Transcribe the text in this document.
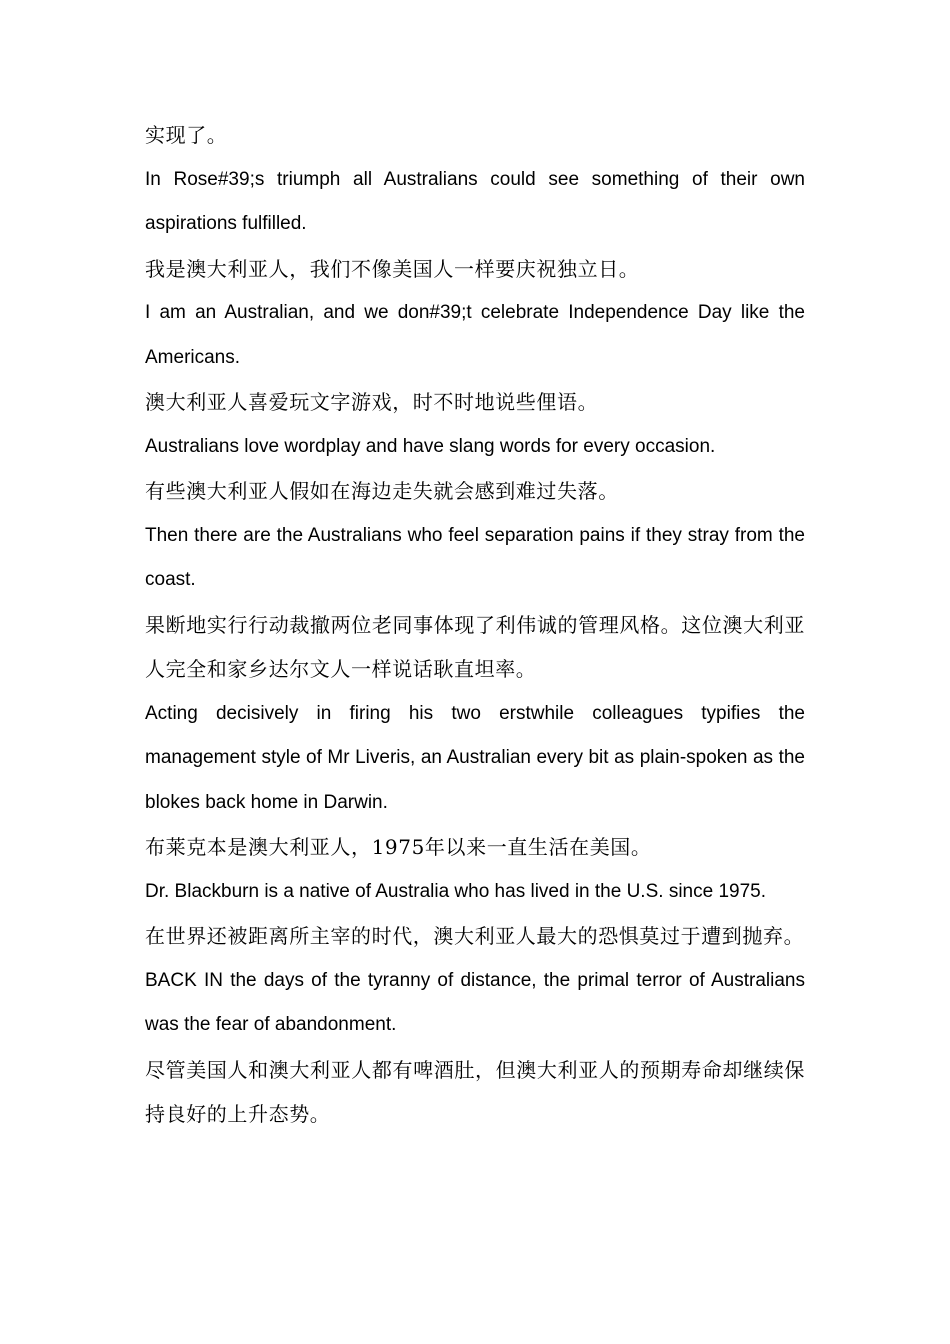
实现了。

In Rose#39;s triumph all Australians could see something of their own aspirations fulfilled.

我是澳大利亚人，我们不像美国人一样要庆祝独立日。

I am an Australian, and we don#39;t celebrate Independence Day like the Americans.

澳大利亚人喜爱玩文字游戏，时不时地说些俚语。

Australians love wordplay and have slang words for every occasion.

有些澳大利亚人假如在海边走失就会感到难过失落。

Then there are the Australians who feel separation pains if they stray from the coast.

果断地实行行动裁撤两位老同事体现了利伟诚的管理风格。这位澳大利亚人完全和家乡达尔文人一样说话耿直坦率。

Acting decisively in firing his two erstwhile colleagues typifies the management style of Mr Liveris, an Australian every bit as plain-spoken as the blokes back home in Darwin.

布莱克本是澳大利亚人，1975年以来一直生活在美国。

Dr. Blackburn is a native of Australia who has lived in the U.S. since 1975.

在世界还被距离所主宰的时代，澳大利亚人最大的恐惧莫过于遭到抛弃。

BACK IN the days of the tyranny of distance, the primal terror of Australians was the fear of abandonment.

尽管美国人和澳大利亚人都有啤酒肚，但澳大利亚人的预期寿命却继续保持良好的上升态势。
